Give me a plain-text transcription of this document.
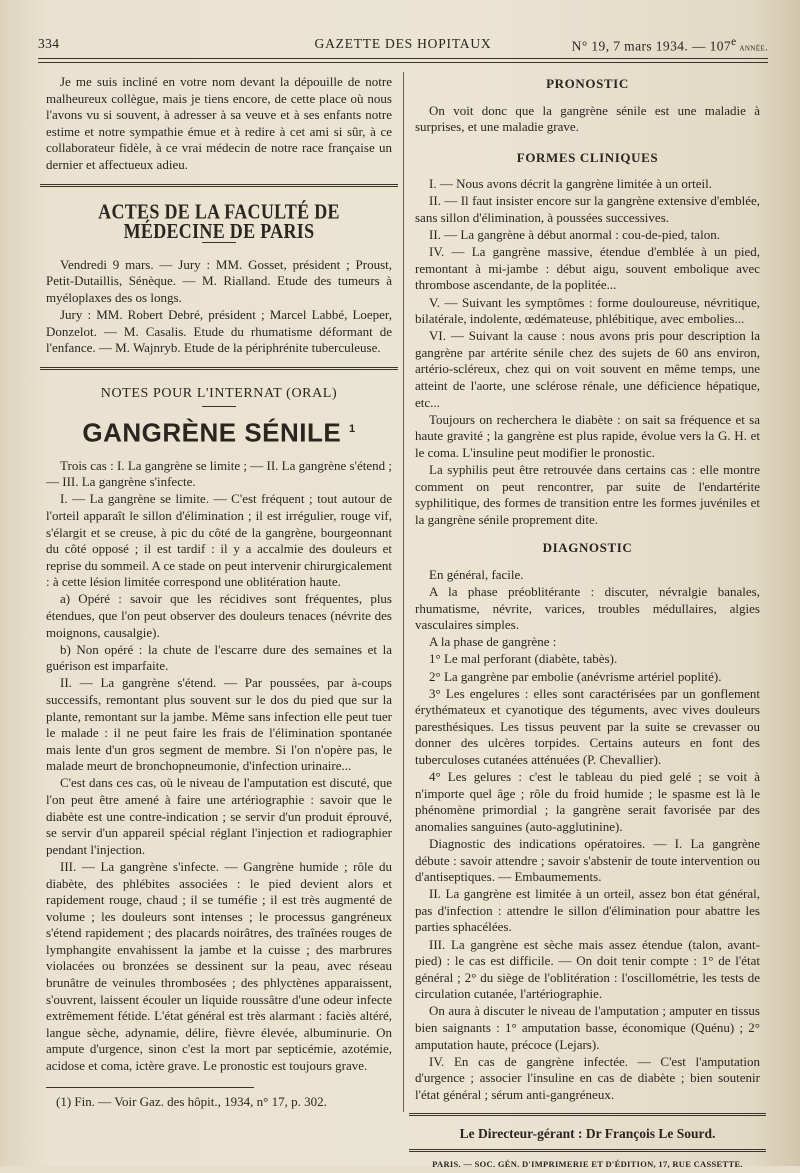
334	GAZETTE DES HOPITAUX	N° 19, 7 mars 1934. — 107e année.

Je me suis incliné en votre nom devant la dépouille de notre malheureux collègue, mais je tiens encore, de cette place où nous l'avons vu si souvent, à adresser à sa veuve et à ses enfants notre estime et notre sympathie émue et à redire à cet ami si sûr, à ce collaborateur fidèle, à ce vrai médecin de notre race française un dernier et affectueux adieu.

ACTES DE LA FACULTÉ DE MÉDECINE DE PARIS

Vendredi 9 mars. — Jury : MM. Gosset, président ; Proust, Petit-Dutaillis, Sénèque. — M. Rialland. Etude des tumeurs à myéloplaxes des os longs.

Jury : MM. Robert Debré, président ; Marcel Labbé, Loeper, Donzelot. — M. Casalis. Etude du rhumatisme déformant de l'enfance. — M. Wajnryb. Etude de la périphrénite tuberculeuse.

NOTES POUR L'INTERNAT (ORAL)
GANGRÈNE SÉNILE $^1$

Trois cas : I. La gangrène se limite ; — II. La gangrène s'étend ; — III. La gangrène s'infecte.

I. — La gangrène se limite. — C'est fréquent ; tout autour de l'orteil apparaît le sillon d'élimination ; il est irrégulier, rouge vif, s'élargit et se creuse, à pic du côté de la gangrène, bourgeonnant du côté opposé ; il est tardif : il y a accalmie des douleurs et reprise du sommeil. A ce stade on peut intervenir chirurgicalement : à cette lésion limitée correspond une oblitération haute.

a) Opéré : savoir que les récidives sont fréquentes, plus étendues, que l'on peut observer des douleurs tenaces (névrite des moignons, causalgie).

b) Non opéré : la chute de l'escarre dure des semaines et la guérison est imparfaite.

II. — La gangrène s'étend. — Par poussées, par à-coups successifs, remontant plus souvent sur le dos du pied que sur la plante, remontant sur la jambe. Même sans infection elle peut tuer le malade : il ne peut faire les frais de l'élimination spontanée mais lente d'un gros segment de membre. Si l'on n'opère pas, le malade meurt de bronchopneumonie, d'infection urinaire...

C'est dans ces cas, où le niveau de l'amputation est discuté, que l'on peut être amené à faire une artériographie : savoir que le diabète est une contre-indication ; se servir d'un produit éprouvé, se servir d'un appareil spécial réglant l'injection et radiographier pendant l'injection.

III. — La gangrène s'infecte. — Gangrène humide ; rôle du diabète, des phlébites associées : le pied devient alors et rapidement rouge, chaud ; il se tuméfie ; il est très augmenté de volume ; les douleurs sont intenses ; le processus gangréneux s'étend rapidement ; des placards noirâtres, des traînées rouges de lymphangite envahissent la jambe et la cuisse ; des marbrures violacées ou bronzées se dessinent sur la peau, avec réseau brunâtre de veinules thrombosées ; des phlyctènes apparaissent, s'ouvrent, laissent écouler un liquide roussâtre d'une odeur infecte extrêmement fétide. L'état général est très alarmant : faciès altéré, langue sèche, adynamie, délire, fièvre élevée, albuminurie. On ampute d'urgence, sinon c'est la mort par septicémie, azotémie, acidose et coma, ictère grave. Le pronostic est toujours grave.

(1) Fin. — Voir Gaz. des hôpit., 1934, n° 17, p. 302.

PRONOSTIC

On voit donc que la gangrène sénile est une maladie à surprises, et une maladie grave.

FORMES CLINIQUES

I. — Nous avons décrit la gangrène limitée à un orteil.

II. — Il faut insister encore sur la gangrène extensive d'emblée, sans sillon d'élimination, à poussées successives.

II. — La gangrène à début anormal : cou-de-pied, talon.

IV. — La gangrène massive, étendue d'emblée à un pied, remontant à mi-jambe : début aigu, souvent embolique avec thrombose ascendante, de la poplitée...

V. — Suivant les symptômes : forme douloureuse, névritique, bilatérale, indolente, œdémateuse, phlébitique, avec embolies...

VI. — Suivant la cause : nous avons pris pour description la gangrène par artérite sénile chez des sujets de 60 ans environ, artério-scléreux, chez qui on voit souvent en même temps, une atteint de l'aorte, une sclérose rénale, une déficience hépatique, etc...

Toujours on recherchera le diabète : on sait sa fréquence et sa haute gravité ; la gangrène est plus rapide, évolue vers la G. H. et le coma. L'insuline peut modifier le pronostic.

La syphilis peut être retrouvée dans certains cas : elle montre comment on peut rencontrer, par suite de l'endartérite syphilitique, des formes de transition entre les formes juvéniles et la gangrène sénile proprement dite.

DIAGNOSTIC

En général, facile.

A la phase préoblitérante : discuter, névralgie banales, rhumatisme, névrite, varices, troubles médullaires, algies vasculaires simples.

A la phase de gangrène :

1° Le mal perforant (diabète, tabès).

2° La gangrène par embolie (anévrisme artériel poplité).

3° Les engelures : elles sont caractérisées par un gonflement érythémateux et cyanotique des téguments, avec vives douleurs paresthésiques. Les tissus peuvent par la suite se crevasser ou donner des ulcères torpides. Certains auteurs en font des tuberculoses cutanées atténuées (P. Chevallier).

4° Les gelures : c'est le tableau du pied gelé ; se voit à n'importe quel âge ; rôle du froid humide ; le spasme est là le phénomène primordial ; la gangrène serait favorisée par des anomalies sanguines (auto-agglutinine).

Diagnostic des indications opératoires. — I. La gangrène débute : savoir attendre ; savoir s'abstenir de toute intervention ou d'antiseptiques. — Embaumements.

II. La gangrène est limitée à un orteil, assez bon état général, pas d'infection : attendre le sillon d'élimination pour abattre les parties sphacélées.

III. La gangrène est sèche mais assez étendue (talon, avant-pied) : le cas est difficile. — On doit tenir compte : 1° de l'état général ; 2° du siège de l'oblitération : l'oscillométrie, les tests de circulation cutanée, l'artériographie.

On aura à discuter le niveau de l'amputation ; amputer en tissus bien saignants : 1° amputation basse, économique (Quénu) ; 2° amputation haute, précoce (Lejars).

IV. En cas de gangrène infectée. — C'est l'amputation d'urgence ; associer l'insuline en cas de diabète ; bien soutenir l'état général ; sérum anti-gangréneux.

Le Directeur-gérant : Dr François Le Sourd.

PARIS. — SOC. GÉN. D'IMPRIMERIE ET D'ÉDITION, 17, RUE CASSETTE.
